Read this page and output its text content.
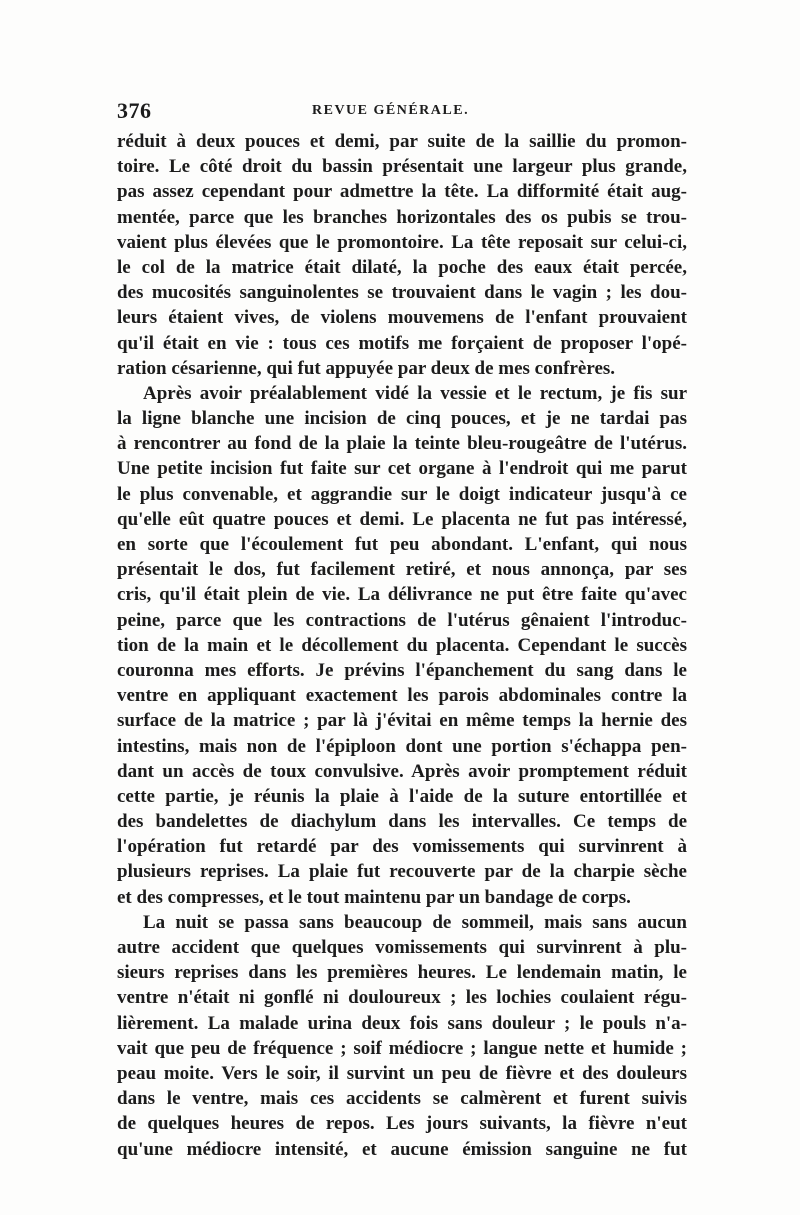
376	REVUE GÉNÉRALE.
réduit à deux pouces et demi, par suite de la saillie du promon-
toire. Le côté droit du bassin présentait une largeur plus grande,
pas assez cependant pour admettre la tête. La difformité était aug-
mentée, parce que les branches horizontales des os pubis se trou-
vaient plus élevées que le promontoire. La tête reposait sur celui-ci,
le col de la matrice était dilaté, la poche des eaux était percée,
des mucosités sanguinolentes se trouvaient dans le vagin ; les dou-
leurs étaient vives, de violens mouvemens de l'enfant prouvaient
qu'il était en vie : tous ces motifs me forçaient de proposer l'opé-
ration césarienne, qui fut appuyée par deux de mes confrères.
Après avoir préalablement vidé la vessie et le rectum, je fis sur
la ligne blanche une incision de cinq pouces, et je ne tardai pas
à rencontrer au fond de la plaie la teinte bleu-rougeâtre de l'utérus.
Une petite incision fut faite sur cet organe à l'endroit qui me parut
le plus convenable, et aggrandie sur le doigt indicateur jusqu'à ce
qu'elle eût quatre pouces et demi. Le placenta ne fut pas intéressé,
en sorte que l'écoulement fut peu abondant. L'enfant, qui nous
présentait le dos, fut facilement retiré, et nous annonça, par ses
cris, qu'il était plein de vie. La délivrance ne put être faite qu'avec
peine, parce que les contractions de l'utérus gênaient l'introduc-
tion de la main et le décollement du placenta. Cependant le succès
couronna mes efforts. Je prévins l'épanchement du sang dans le
ventre en appliquant exactement les parois abdominales contre la
surface de la matrice ; par là j'évitai en même temps la hernie des
intestins, mais non de l'épiploon dont une portion s'échappa pen-
dant un accès de toux convulsive. Après avoir promptement réduit
cette partie, je réunis la plaie à l'aide de la suture entortillée et
des bandelettes de diachylum dans les intervalles. Ce temps de
l'opération fut retardé par des vomissements qui survinrent à
plusieurs reprises. La plaie fut recouverte par de la charpie sèche
et des compresses, et le tout maintenu par un bandage de corps.
La nuit se passa sans beaucoup de sommeil, mais sans aucun
autre accident que quelques vomissements qui survinrent à plu-
sieurs reprises dans les premières heures. Le lendemain matin, le
ventre n'était ni gonflé ni douloureux ; les lochies coulaient régu-
lièrement. La malade urina deux fois sans douleur ; le pouls n'a-
vait que peu de fréquence ; soif médiocre ; langue nette et humide ;
peau moite. Vers le soir, il survint un peu de fièvre et des douleurs
dans le ventre, mais ces accidents se calmèrent et furent suivis
de quelques heures de repos. Les jours suivants, la fièvre n'eut
qu'une médiocre intensité, et aucune émission sanguine ne fut
